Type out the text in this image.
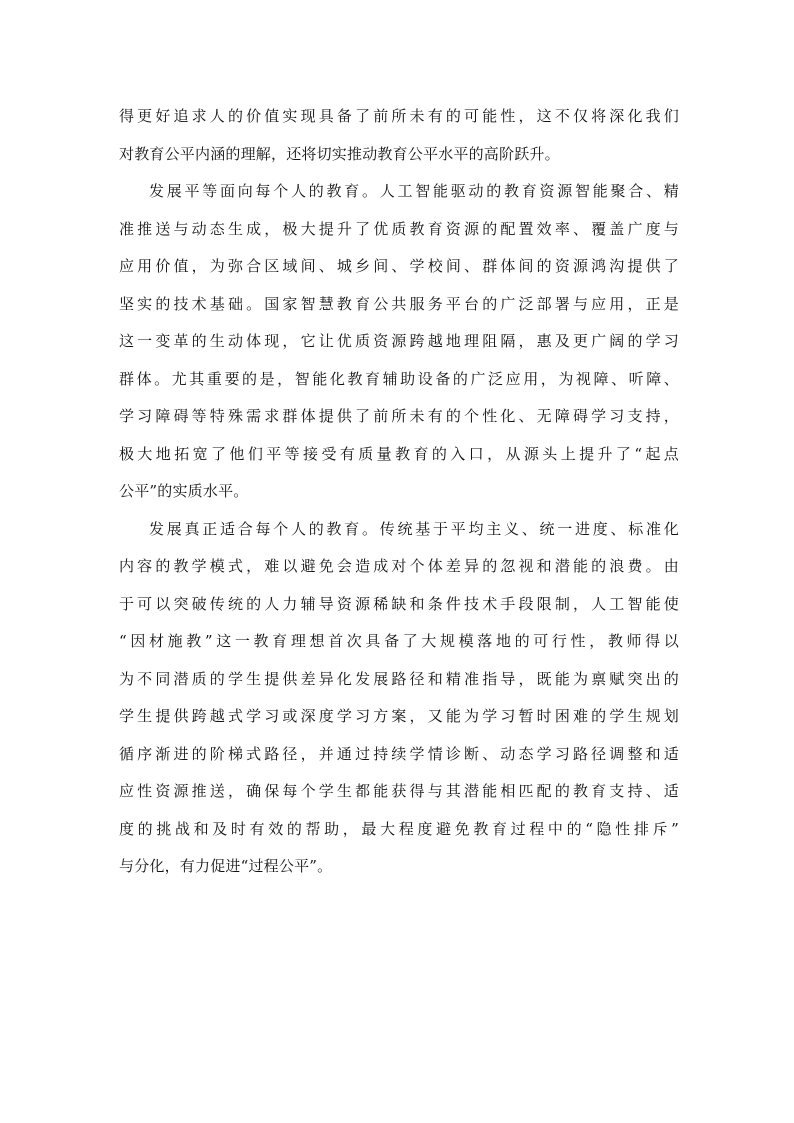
得更好追求人的价值实现具备了前所未有的可能性，这不仅将深化我们
对教育公平内涵的理解，还将切实推动教育公平水平的高阶跃升。
发展平等面向每个人的教育。人工智能驱动的教育资源智能聚合、精
准推送与动态生成，极大提升了优质教育资源的配置效率、覆盖广度与
应用价值，为弥合区域间、城乡间、学校间、群体间的资源鸿沟提供了
坚实的技术基础。国家智慧教育公共服务平台的广泛部署与应用，正是
这一变革的生动体现，它让优质资源跨越地理阻隔，惠及更广阔的学习
群体。尤其重要的是，智能化教育辅助设备的广泛应用，为视障、听障、
学习障碍等特殊需求群体提供了前所未有的个性化、无障碍学习支持，
极大地拓宽了他们平等接受有质量教育的入口，从源头上提升了“起点
公平”的实质水平。
发展真正适合每个人的教育。传统基于平均主义、统一进度、标准化
内容的教学模式，难以避免会造成对个体差异的忽视和潜能的浪费。由
于可以突破传统的人力辅导资源稀缺和条件技术手段限制，人工智能使
“因材施教”这一教育理想首次具备了大规模落地的可行性，教师得以
为不同潜质的学生提供差异化发展路径和精准指导，既能为禀赋突出的
学生提供跨越式学习或深度学习方案，又能为学习暂时困难的学生规划
循序渐进的阶梯式路径，并通过持续学情诊断、动态学习路径调整和适
应性资源推送，确保每个学生都能获得与其潜能相匹配的教育支持、适
度的挑战和及时有效的帮助，最大程度避免教育过程中的“隐性排斥”
与分化，有力促进“过程公平”。
